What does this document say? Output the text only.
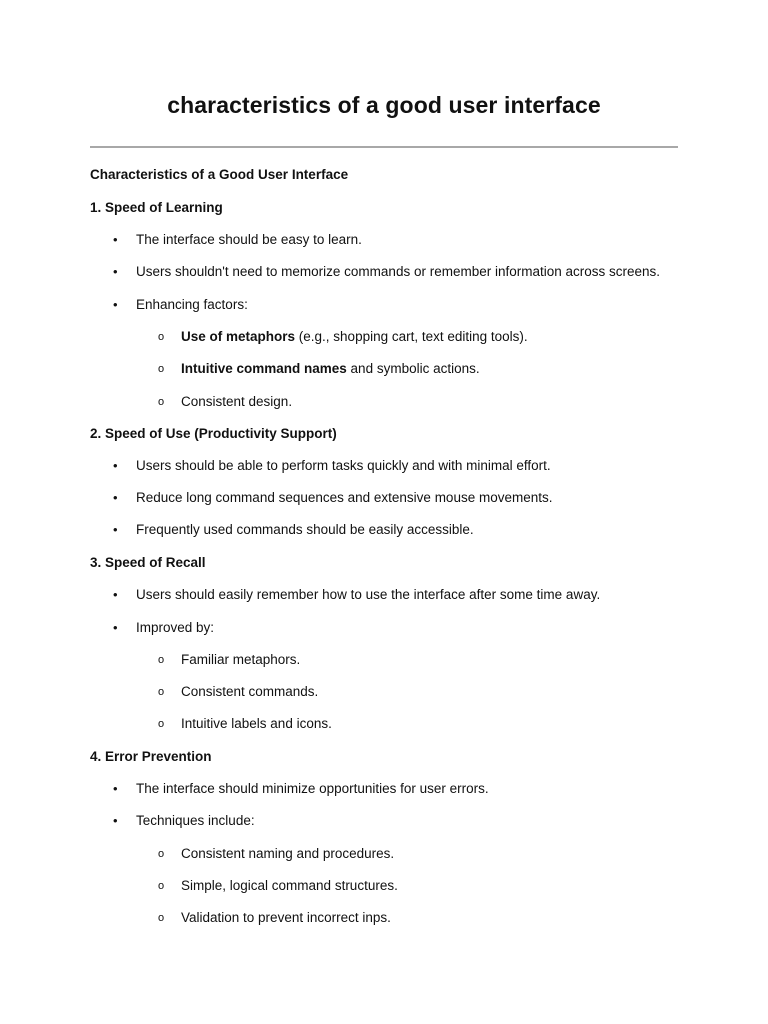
characteristics of a good user interface
Characteristics of a Good User Interface
1. Speed of Learning
• The interface should be easy to learn.
• Users shouldn't need to memorize commands or remember information across screens.
• Enhancing factors:
o Use of metaphors (e.g., shopping cart, text editing tools).
o Intuitive command names and symbolic actions.
o Consistent design.
2. Speed of Use (Productivity Support)
• Users should be able to perform tasks quickly and with minimal effort.
• Reduce long command sequences and extensive mouse movements.
• Frequently used commands should be easily accessible.
3. Speed of Recall
• Users should easily remember how to use the interface after some time away.
• Improved by:
o Familiar metaphors.
o Consistent commands.
o Intuitive labels and icons.
4. Error Prevention
• The interface should minimize opportunities for user errors.
• Techniques include:
o Consistent naming and procedures.
o Simple, logical command structures.
o Validation to prevent incorrect inps.
